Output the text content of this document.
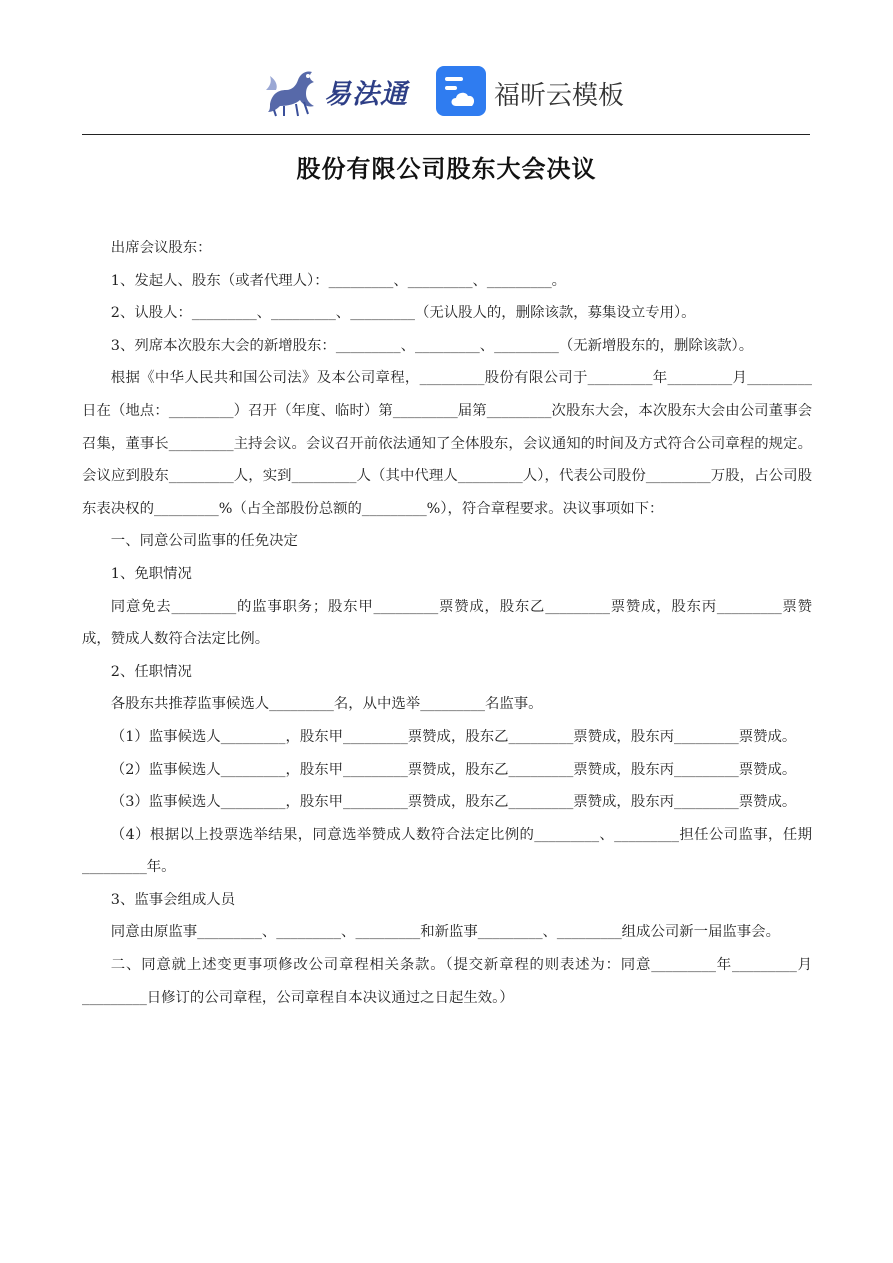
易法通	福昕云模板
股份有限公司股东大会决议

出席会议股东：

1、发起人、股东（或者代理人）：_________、_________、_________。

2、认股人：_________、_________、_________（无认股人的，删除该款，募集设立专用）。

3、列席本次股东大会的新增股东：_________、_________、_________（无新增股东的，删除该款）。

根据《中华人民共和国公司法》及本公司章程，_________股份有限公司于_________年_________月_________日在（地点：_________）召开（年度、临时）第_________届第_________次股东大会，本次股东大会由公司董事会召集，董事长_________主持会议。会议召开前依法通知了全体股东，会议通知的时间及方式符合公司章程的规定。会议应到股东_________人，实到_________人（其中代理人_________人），代表公司股份_________万股，占公司股东表决权的_________%（占全部股份总额的_________%），符合章程要求。决议事项如下：

一、同意公司监事的任免决定

1、免职情况

同意免去_________的监事职务；股东甲_________票赞成，股东乙_________票赞成，股东丙_________票赞成，赞成人数符合法定比例。

2、任职情况

各股东共推荐监事候选人_________名，从中选举_________名监事。

（1）监事候选人_________，股东甲_________票赞成，股东乙_________票赞成，股东丙_________票赞成。

（2）监事候选人_________，股东甲_________票赞成，股东乙_________票赞成，股东丙_________票赞成。

（3）监事候选人_________，股东甲_________票赞成，股东乙_________票赞成，股东丙_________票赞成。

（4）根据以上投票选举结果，同意选举赞成人数符合法定比例的_________、_________担任公司监事，任期_________年。

3、监事会组成人员

同意由原监事_________、_________、_________和新监事_________、_________组成公司新一届监事会。

二、同意就上述变更事项修改公司章程相关条款。（提交新章程的则表述为：同意_________年_________月_________日修订的公司章程，公司章程自本决议通过之日起生效。）
